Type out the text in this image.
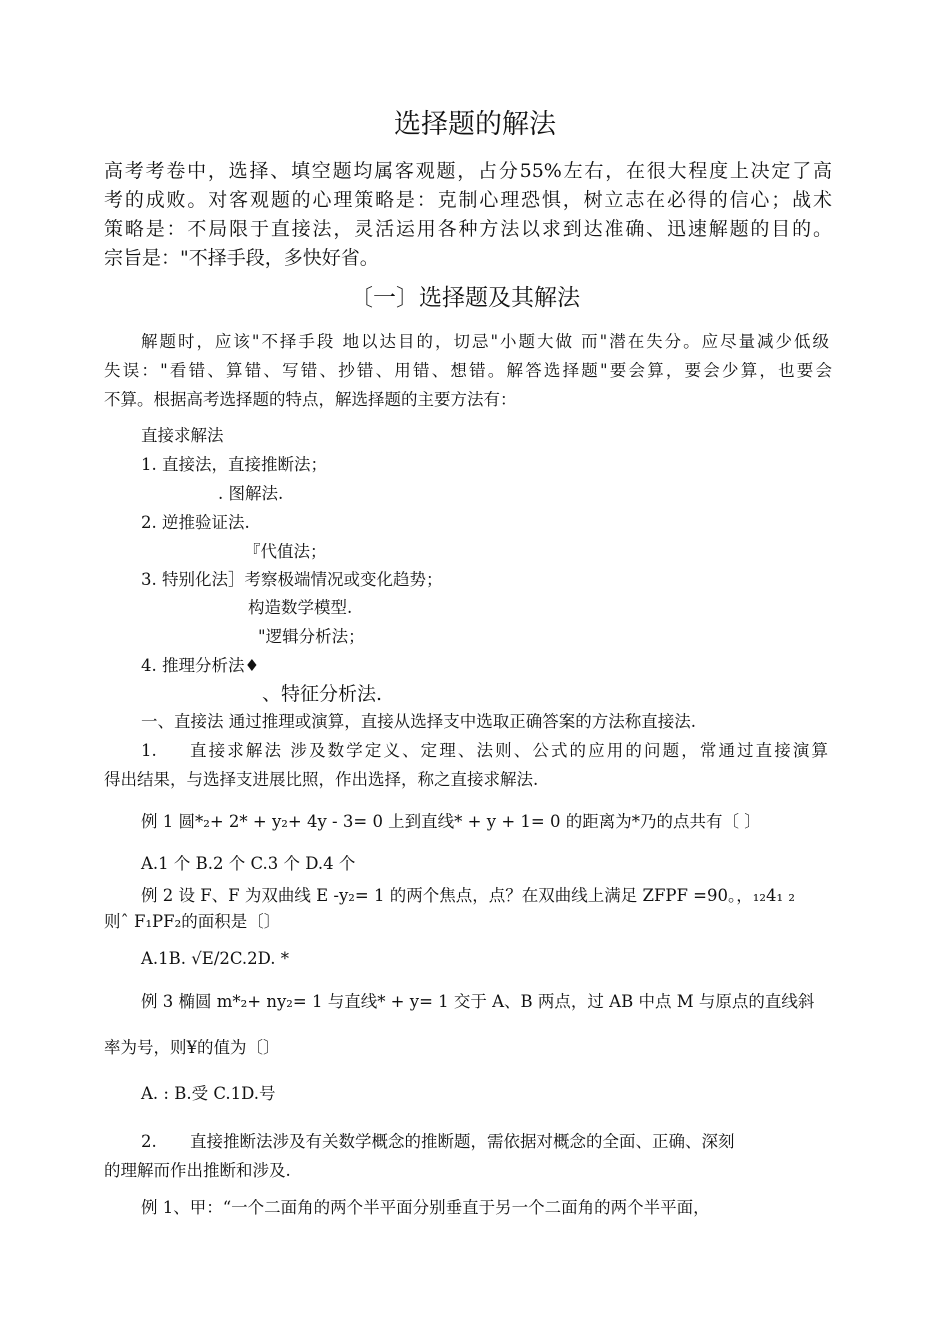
选择题的解法
高考考卷中，选择、填空题均属客观题，占分55%左右，在很大程度上决定了高
考的成败。对客观题的心理策略是：克制心理恐惧，树立志在必得的信心；战术
策略是：不局限于直接法，灵活运用各种方法以求到达准确、迅速解题的目的。
宗旨是："不择手段，多快好省。
〔一〕选择题及其解法
解题时，应该"不择手段 地以达目的，切忌"小题大做 而"潜在失分。应尽量减少低级
失误："看错、算错、写错、抄错、用错、想错。解答选择题"要会算，要会少算，也要会
不算。根据高考选择题的特点，解选择题的主要方法有：
直接求解法
1. 直接法，直接推断法；
. 图解法.
2. 逆推验证法.
『代值法；
3. 特别化法］考察极端情况或变化趋势；
构造数学模型.
"逻辑分析法；
4. 推理分析法♦
、特征分析法.
一、直接法 通过推理或演算，直接从选择支中选取正确答案的方法称直接法.
1. 直接求解法 涉及数学定义、定理、法则、公式的应用的问题，常通过直接演算
得出结果，与选择支进展比照，作出选择，称之直接求解法.
例 1 圆*₂+ 2* + y₂+ 4y - 3= 0 上到直线* + y + 1= 0 的距离为*乃的点共有〔 〕
A.1 个 B.2 个 C.3 个 D.4 个
例 2 设 F、F 为双曲线 E -y₂= 1 的两个焦点，点？在双曲线上满足 ZFPF =90。，₁₂4₁ ₂
则ˆ F₁PF₂的面积是〔〕
A.1B. √E/2C.2D. *
例 3 椭圆 m*₂+ ny₂= 1 与直线* + y= 1 交于 A、B 两点，过 AB 中点 M 与原点的直线斜
率为号，则¥的值为〔〕
A. : B.受 C.1D.号
2. 直接推断法涉及有关数学概念的推断题，需依据对概念的全面、正确、深刻
的理解而作出推断和涉及.
例 1、甲：“一个二面角的两个半平面分别垂直于另一个二面角的两个半平面，
